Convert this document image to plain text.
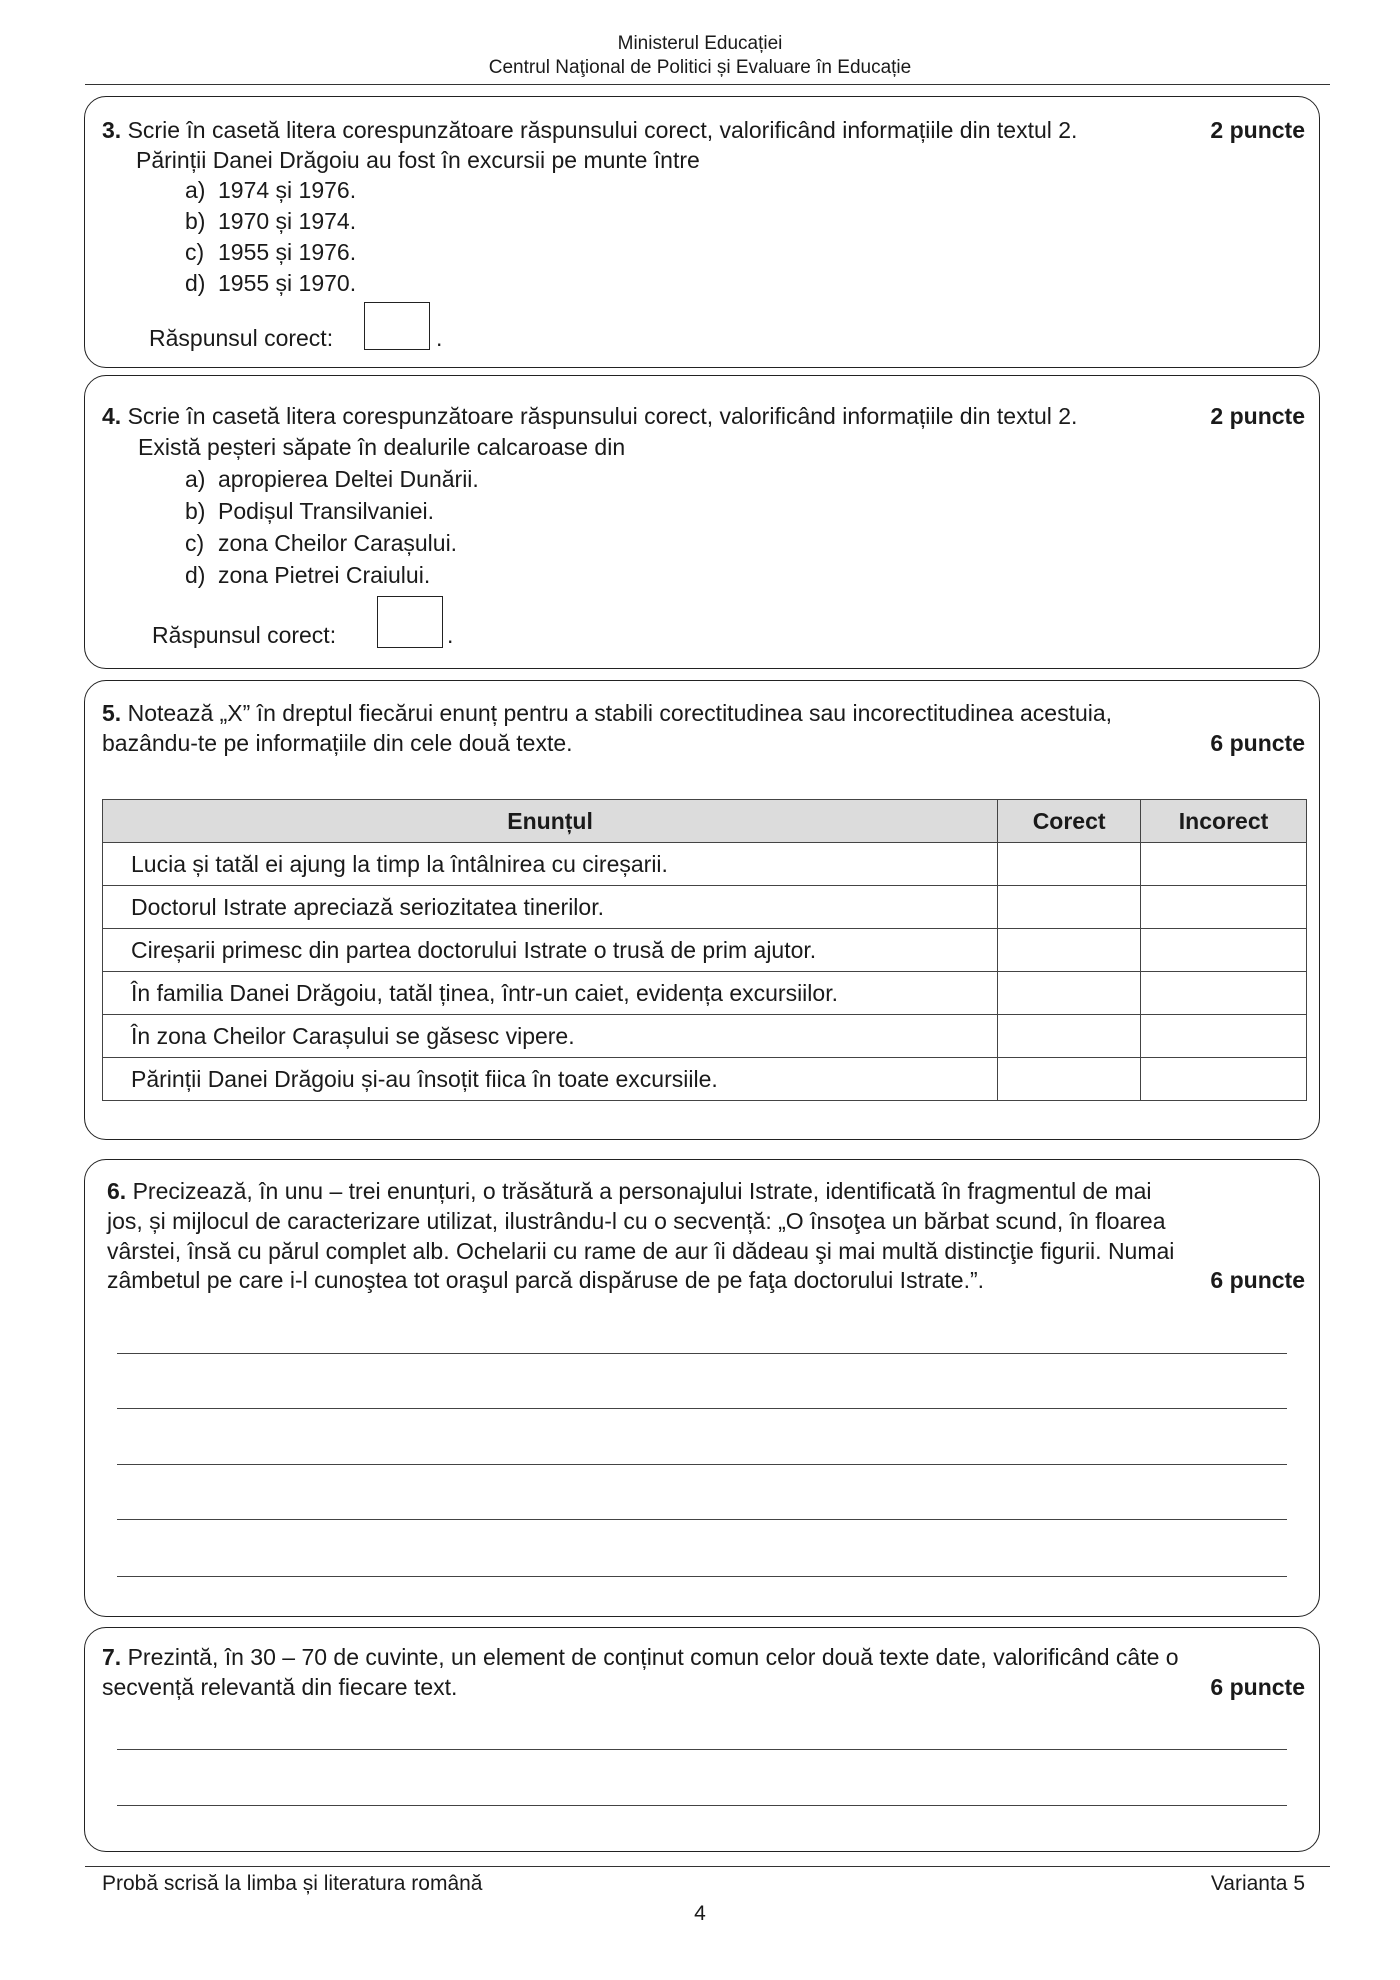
Ministerul Educației
Centrul Naţional de Politici și Evaluare în Educație
3. Scrie în casetă litera corespunzătoare răspunsului corect, valorificând informațiile din textul 2.	2 puncte
Părinții Danei Drăgoiu au fost în excursii pe munte între
a) 1974 și 1976.
b) 1970 și 1974.
c) 1955 și 1976.
d) 1955 și 1970.
Răspunsul corect:	.
4. Scrie în casetă litera corespunzătoare răspunsului corect, valorificând informațiile din textul 2.	2 puncte
Există peșteri săpate în dealurile calcaroase din
a) apropierea Deltei Dunării.
b) Podișul Transilvaniei.
c) zona Cheilor Carașului.
d) zona Pietrei Craiului.
Răspunsul corect:	.
5. Notează „X” în dreptul fiecărui enunț pentru a stabili corectitudinea sau incorectitudinea acestuia,
bazându-te pe informațiile din cele două texte.	6 puncte
Enunțul	Corect	Incorect
Lucia și tatăl ei ajung la timp la întâlnirea cu cireșarii.		
Doctorul Istrate apreciază seriozitatea tinerilor.		
Cireșarii primesc din partea doctorului Istrate o trusă de prim ajutor.		
În familia Danei Drăgoiu, tatăl ținea, într-un caiet, evidența excursiilor.		
În zona Cheilor Carașului se găsesc vipere.		
Părinții Danei Drăgoiu și-au însoțit fiica în toate excursiile.		
6. Precizează, în unu – trei enunțuri, o trăsătură a personajului Istrate, identificată în fragmentul de mai
jos, și mijlocul de caracterizare utilizat, ilustrându-l cu o secvență: „O însoţea un bărbat scund, în floarea
vârstei, însă cu părul complet alb. Ochelarii cu rame de aur îi dădeau şi mai multă distincţie figurii. Numai
zâmbetul pe care i-l cunoştea tot oraşul parcă dispăruse de pe faţa doctorului Istrate.”.	6 puncte
7. Prezintă, în 30 – 70 de cuvinte, un element de conținut comun celor două texte date, valorificând câte o
secvență relevantă din fiecare text.	6 puncte
Probă scrisă la limba și literatura română	Varianta 5
4
